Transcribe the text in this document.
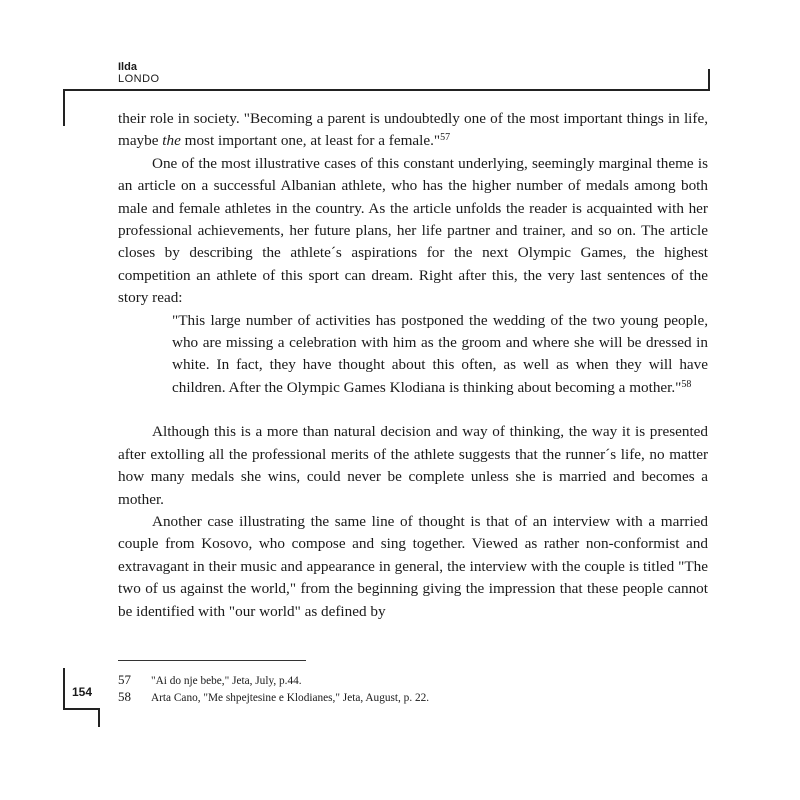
Ilda
LONDO

their role in society. "Becoming a parent is undoubtedly one of the most important things in life, maybe the most important one, at least for a female."$^{57}$

One of the most illustrative cases of this constant underlying, seemingly marginal theme is an article on a successful Albanian athlete, who has the higher number of medals among both male and female athletes in the country. As the article unfolds the reader is acquainted with her professional achievements, her future plans, her life partner and trainer, and so on. The article closes by describing the athlete´s aspirations for the next Olympic Games, the highest competition an athlete of this sport can dream. Right after this, the very last sentences of the story read:

"This large number of activities has postponed the wedding of the two young people, who are missing a celebration with him as the groom and where she will be dressed in white. In fact, they have thought about this often, as well as when they will have children. After the Olympic Games Klodiana is thinking about becoming a mother."$^{58}$

Although this is a more than natural decision and way of thinking, the way it is presented after extolling all the professional merits of the athlete suggests that the runner´s life, no matter how many medals she wins, could never be complete unless she is married and becomes a mother.

Another case illustrating the same line of thought is that of an interview with a married couple from Kosovo, who compose and sing together. Viewed as rather non-conformist and extravagant in their music and appearance in general, the interview with the couple is titled "The two of us against the world," from the beginning giving the impression that these people cannot be identified with "our world" as defined by

57 "Ai do nje bebe," Jeta, July, p.44.
58 Arta Cano, "Me shpejtesine e Klodianes," Jeta, August, p. 22.
154
